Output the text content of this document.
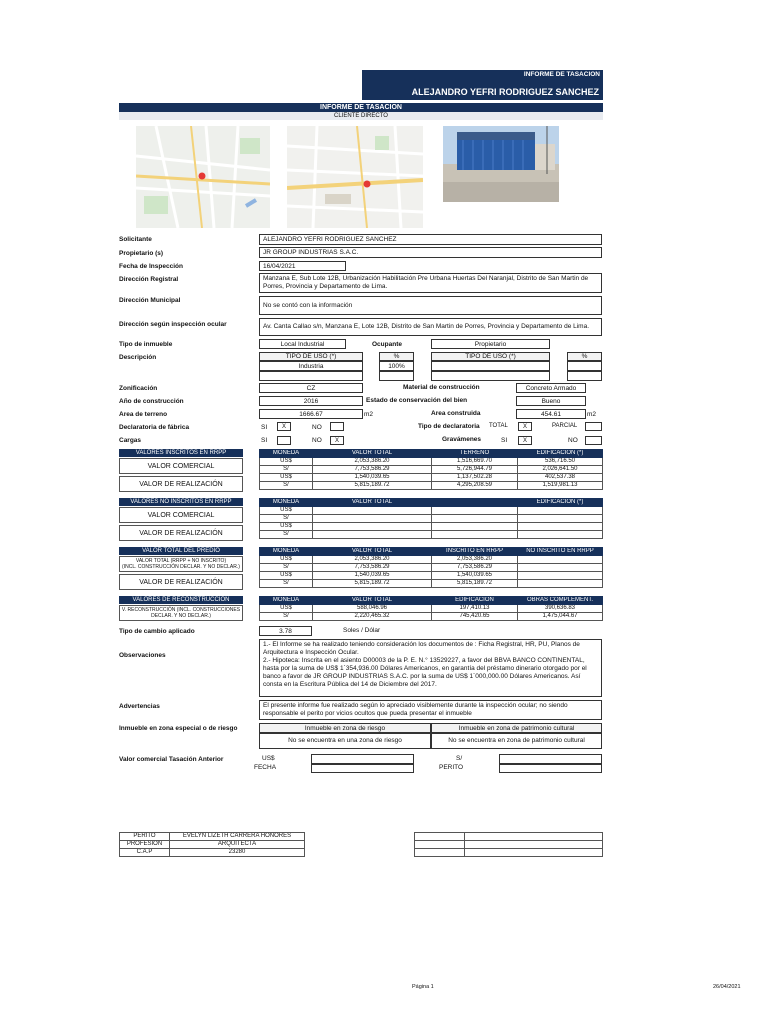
INFORME DE TASACION
ALEJANDRO YEFRI RODRIGUEZ SANCHEZ
INFORME DE TASACION
CLIENTE DIRECTO
Solicitante	ALEJANDRO YEFRI RODRIGUEZ SANCHEZ
Propietario (s)	JR GROUP INDUSTRIAS S.A.C.
Fecha de Inspección	16/04/2021
Dirección Registral	Manzana E, Sub Lote 12B, Urbanización Habilitación Pre Urbana Huertas Del Naranjal, Distrito de San Martin de Porres, Provincia y Departamento de Lima.
Dirección Municipal
No se contó con la información
Dirección según inspección ocular	Av. Canta Callao s/n, Manzana E, Lote 12B, Distrito de San Martin de Porres, Provincia y Departamento de Lima.
Tipo de inmueble	Local Industrial	Ocupante	Propietario
Descripción	TIPO DE USO (*)	%	TIPO DE USO (*)	%
Industria	100%
Zonificación	CZ	Material de construcción	Concreto Armado
Año de construcción	2016	Estado de conservación del bien	Bueno
Area de terreno	1666.67	m2	Area construida	454.61	m2
Declaratoria de fábrica	SI	X	NO	Tipo de declaratoria TOTAL	X	PARCIAL
Cargas	SI	NO	X	Gravámenes	SI	X	NO
VALORES INSCRITOS EN RRPP
VALOR COMERCIAL
VALOR DE REALIZACIÓN
MONEDA	VALOR TOTAL	TERRENO	EDIFICACION (*)
US$	2,053,386.20	1,516,669.70	536,716.50
S/	7,753,586.29	5,726,944.79	2,026,641.50
US$	1,540,039.65	1,137,502.28	402,537.38
S/	5,815,189.72	4,295,208.59	1,519,981.13
VALORES NO INSCRITOS EN RRPP
VALOR COMERCIAL
VALOR DE REALIZACIÓN
MONEDA	VALOR TOTAL		EDIFICACION (*)
US$			
S/			
US$			
S/			
VALOR TOTAL DEL PREDIO
VALOR TOTAL (RRPP + NO INSCRITO)
(INCL. CONSTRUCCIÓN DECLAR. Y NO DECLAR.)
VALOR DE REALIZACIÓN
MONEDA	VALOR TOTAL	INSCRITO EN RRPP	NO INSCRITO EN RRPP
US$	2,053,386.20	2,053,386.20	
S/	7,753,586.29	7,753,586.29	
US$	1,540,039.65	1,540,039.65	
S/	5,815,189.72	5,815,189.72	
VALORES DE RECONSTRUCCIÓN
V. RECONSTRUCCIÓN (INCL. CONSTRUCCIONES
DECLAR. Y NO DECLAR.)
MONEDA	VALOR TOTAL	EDIFICACION	OBRAS COMPLEMENT.
US$	588,046.96	197,410.13	390,636.83
S/	2,220,465.32	745,420.65	1,475,044.67
Tipo de cambio aplicado	3.78	Soles / Dólar
Observaciones
1.- El Informe se ha realizado teniendo consideración los documentos de : Ficha Registral, HR, PU, Planos de Arquitectura e Inspección Ocular.
2.- Hipoteca: Inscrita en el asiento D00003 de la P. E. N.° 13529227, a favor del BBVA BANCO CONTINENTAL, hasta por la suma de US$ 1´354,936.00 Dólares Americanos, en garantía del préstamo dinerario otorgado por el banco a favor de JR GROUP INDUSTRIAS S.A.C. por la suma de US$ 1´000,000.00 Dólares Americanos. Así consta en la Escritura Pública del 14 de Diciembre del 2017.
Advertencias	El presente informe fue realizado según lo apreciado visiblemente durante la inspección ocular; no siendo responsable el perito por vicios ocultos que pueda presentar el inmueble
Inmueble en zona especial o de riesgo	Inmueble en zona de riesgo	Inmueble en zona de patrimonio cultural
No se encuentra en una zona de riesgo	No se encuentra en zona de patrimonio cultural
Valor comercial Tasación Anterior	US$
FECHA
S/
PERITO
PERITO	EVELYN LIZETH CARRERA HONORES
PROFESION	ARQUITECTA
C.A.P	23280

Página 1	26/04/2021
